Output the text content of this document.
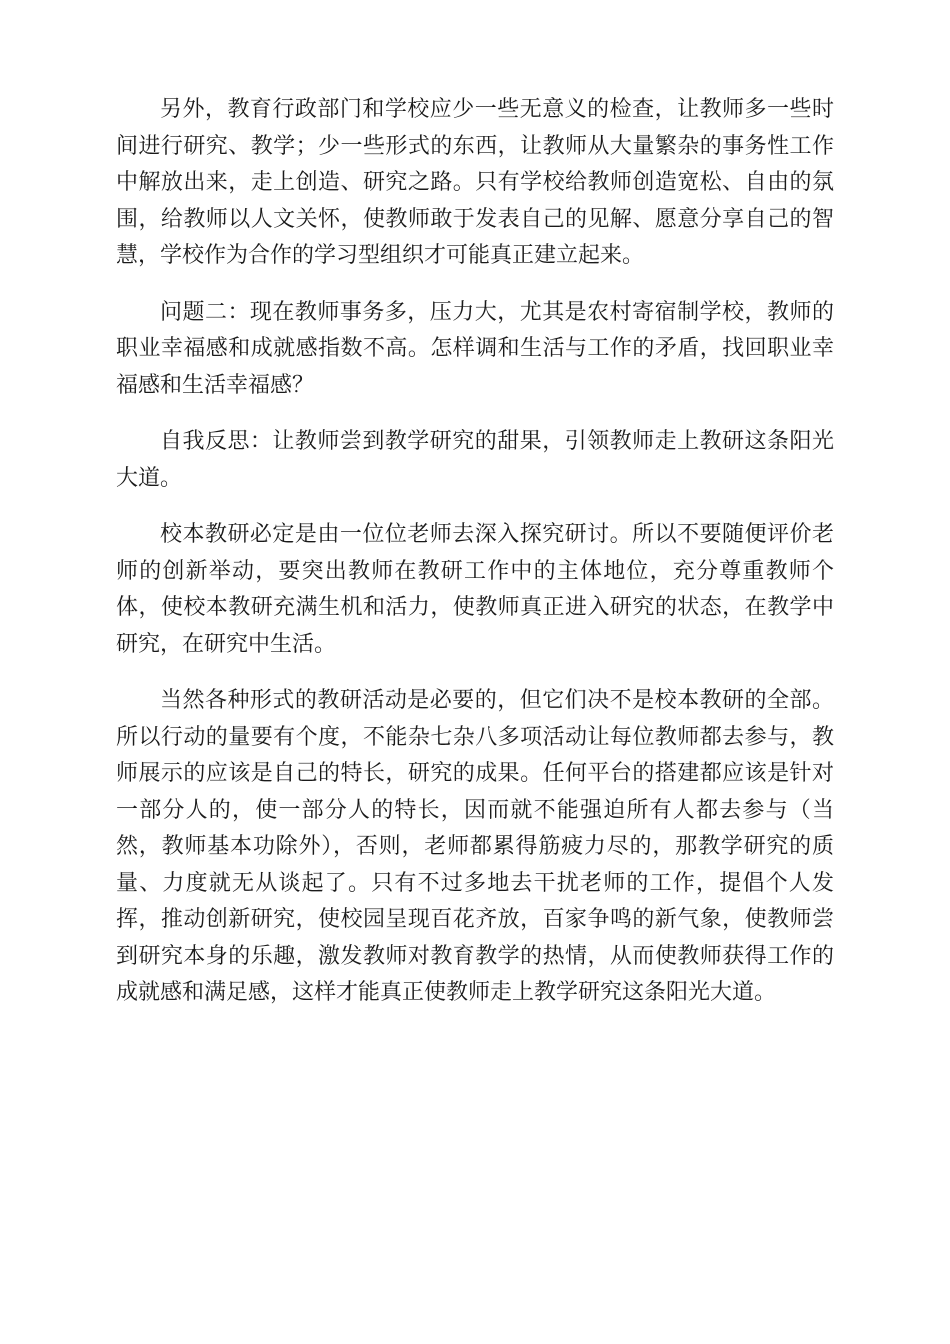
另外，教育行政部门和学校应少一些无意义的检查，让教师多一些时间进行研究、教学；少一些形式的东西，让教师从大量繁杂的事务性工作中解放出来，走上创造、研究之路。只有学校给教师创造宽松、自由的氛围，给教师以人文关怀，使教师敢于发表自己的见解、愿意分享自己的智慧，学校作为合作的学习型组织才可能真正建立起来。

问题二：现在教师事务多，压力大，尤其是农村寄宿制学校，教师的职业幸福感和成就感指数不高。怎样调和生活与工作的矛盾，找回职业幸福感和生活幸福感？

自我反思：让教师尝到教学研究的甜果，引领教师走上教研这条阳光大道。

校本教研必定是由一位位老师去深入探究研讨。所以不要随便评价老师的创新举动，要突出教师在教研工作中的主体地位，充分尊重教师个体，使校本教研充满生机和活力，使教师真正进入研究的状态，在教学中研究，在研究中生活。

当然各种形式的教研活动是必要的，但它们决不是校本教研的全部。所以行动的量要有个度，不能杂七杂八多项活动让每位教师都去参与，教师展示的应该是自己的特长，研究的成果。任何平台的搭建都应该是针对一部分人的，使一部分人的特长，因而就不能强迫所有人都去参与（当然，教师基本功除外），否则，老师都累得筋疲力尽的，那教学研究的质量、力度就无从谈起了。只有不过多地去干扰老师的工作，提倡个人发挥，推动创新研究，使校园呈现百花齐放，百家争鸣的新气象，使教师尝到研究本身的乐趣，激发教师对教育教学的热情，从而使教师获得工作的成就感和满足感，这样才能真正使教师走上教学研究这条阳光大道。
